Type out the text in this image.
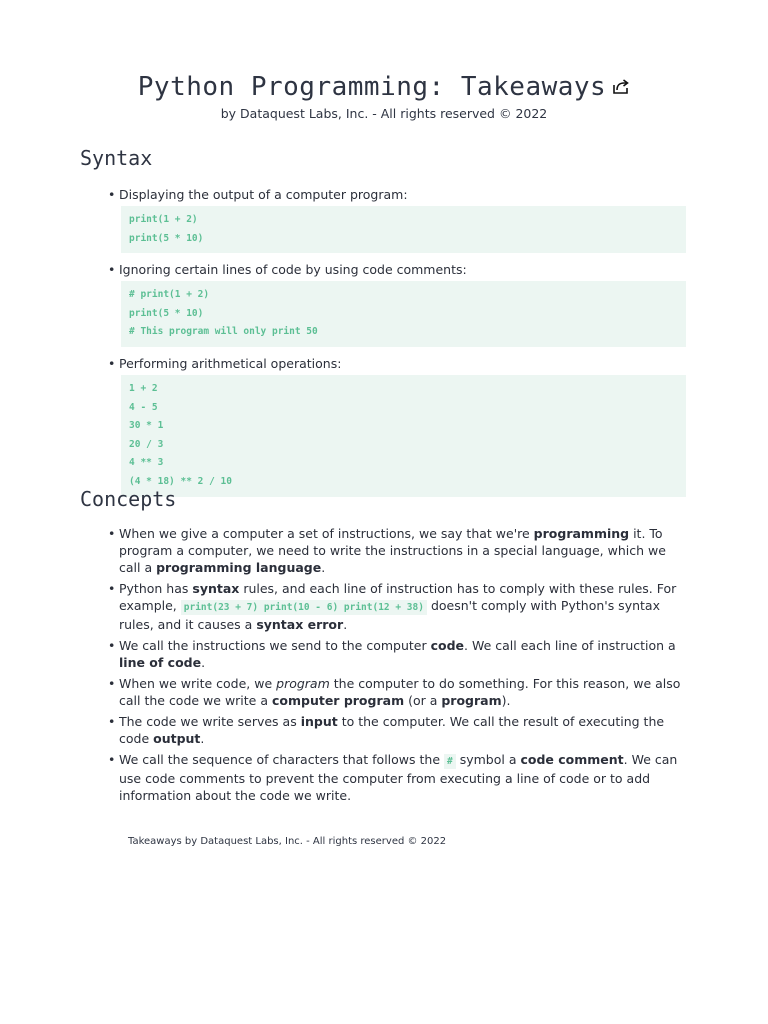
Python Programming: Takeaways
by Dataquest Labs, Inc. - All rights reserved © 2022
Syntax
• Displaying the output of a computer program:
print(1 + 2)
print(5 * 10)
• Ignoring certain lines of code by using code comments:
# print(1 + 2)
print(5 * 10)
# This program will only print 50
• Performing arithmetical operations:
1 + 2
4 - 5
30 * 1
20 / 3
4 ** 3
(4 * 18) ** 2 / 10
Concepts
• When we give a computer a set of instructions, we say that we're programming it. To program a computer, we need to write the instructions in a special language, which we call a programming language.
• Python has syntax rules, and each line of instruction has to comply with these rules. For example, print(23 + 7) print(10 - 6) print(12 + 38) doesn't comply with Python's syntax rules, and it causes a syntax error.
• We call the instructions we send to the computer code. We call each line of instruction a line of code.
• When we write code, we program the computer to do something. For this reason, we also call the code we write a computer program (or a program).
• The code we write serves as input to the computer. We call the result of executing the code output.
• We call the sequence of characters that follows the # symbol a code comment. We can use code comments to prevent the computer from executing a line of code or to add information about the code we write.
Takeaways by Dataquest Labs, Inc. - All rights reserved © 2022
